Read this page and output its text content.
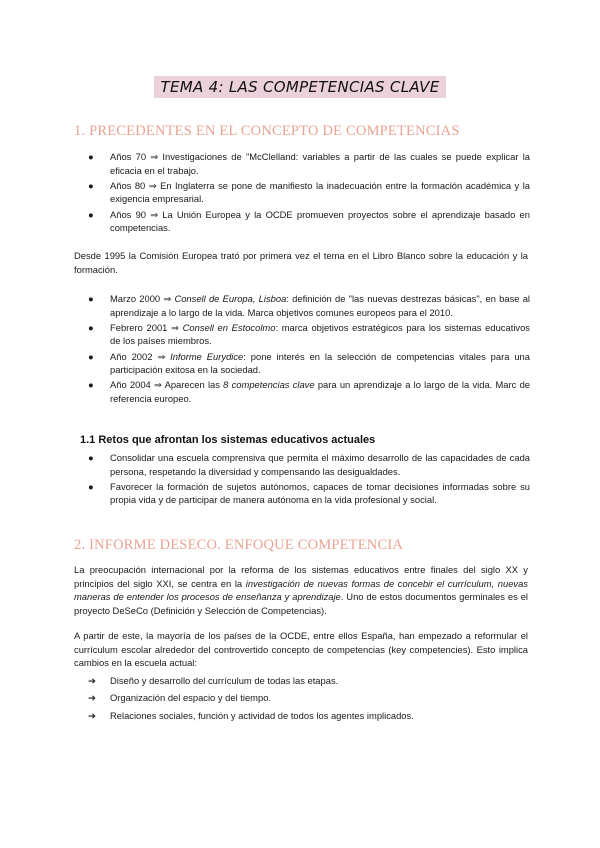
TEMA 4: LAS COMPETENCIAS CLAVE
1. PRECEDENTES EN EL CONCEPTO DE COMPETENCIAS
● Años 70 ⇒ Investigaciones de "McClelland: variables a partir de las cuales se puede explicar la eficacia en el trabajo.
● Años 80 ⇒ En Inglaterra se pone de manifiesto la inadecuación entre la formación académica y la exigencia empresarial.
● Años 90 ⇒ La Unión Europea y la OCDE promueven proyectos sobre el aprendizaje basado en competencias.

Desde 1995 la Comisión Europea trató por primera vez el tema en el Libro Blanco sobre la educación y la formación.

● Marzo 2000 ⇒ Consell de Europa, Lisboa: definición de "las nuevas destrezas básicas", en base al aprendizaje a lo largo de la vida. Marca objetivos comunes europeos para el 2010.
● Febrero 2001 ⇒ Consell en Estocolmo: marca objetivos estratégicos para los sistemas educativos de los países miembros.
● Año 2002 ⇒ Informe Eurydice: pone interés en la selección de competencias vitales para una participación exitosa en la sociedad.
● Año 2004 ⇒ Aparecen las 8 competencias clave para un aprendizaje a lo largo de la vida. Marc de referencia europeo.
1.1 Retos que afrontan los sistemas educativos actuales
● Consolidar una escuela comprensiva que permita el máximo desarrollo de las capacidades de cada persona, respetando la diversidad y compensando las desigualdades.
● Favorecer la formación de sujetos autónomos, capaces de tomar decisiones informadas sobre su propia vida y de participar de manera autónoma en la vida profesional y social.
2. INFORME DESECO. ENFOQUE COMPETENCIA

La preocupación internacional por la reforma de los sistemas educativos entre finales del siglo XX y principios del siglo XXI, se centra en la investigación de nuevas formas de concebir el currículum, nuevas maneras de entender los procesos de enseñanza y aprendizaje. Uno de estos documentos germinales es el proyecto DeSeCo (Definición y Selección de Competencias).

A partir de este, la mayoría de los países de la OCDE, entre ellos España, han empezado a reformular el currículum escolar alrededor del controvertido concepto de competencias (key competencies). Esto implica cambios en la escuela actual:

➔ Diseño y desarrollo del currículum de todas las etapas.
➔ Organización del espacio y del tiempo.
➔ Relaciones sociales, función y actividad de todos los agentes implicados.
